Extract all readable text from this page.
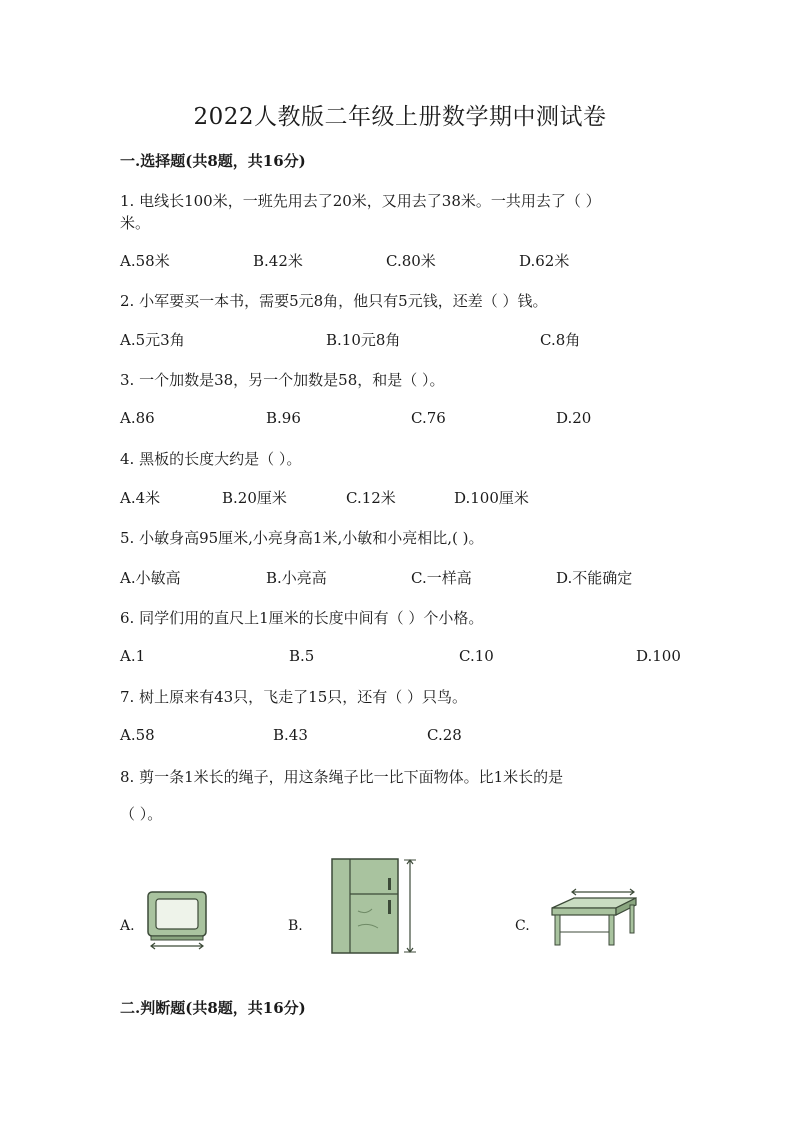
2022人教版二年级上册数学期中测试卷
一.选择题(共8题，共16分)
1. 电线长100米，一班先用去了20米，又用去了38米。一共用去了（ ）
米。
A.58米	B.42米	C.80米	D.62米
2. 小军要买一本书，需要5元8角，他只有5元钱，还差（ ）钱。
A.5元3角	B.10元8角	C.8角
3. 一个加数是38，另一个加数是58，和是（ ）。
A.86	B.96	C.76	D.20
4. 黑板的长度大约是（ ）。
A.4米	B.20厘米	C.12米	D.100厘米
5. 小敏身高95厘米,小亮身高1米,小敏和小亮相比,( )。
A.小敏高	B.小亮高	C.一样高	D.不能确定
6. 同学们用的直尺上1厘米的长度中间有（ ）个小格。
A.1	B.5	C.10	D.100
7. 树上原来有43只，飞走了15只，还有（ ）只鸟。
A.58	B.43	C.28
8. 剪一条1米长的绳子，用这条绳子比一比下面物体。比1米长的是
（ ）。
A.	B.	C.
二.判断题(共8题，共16分)
